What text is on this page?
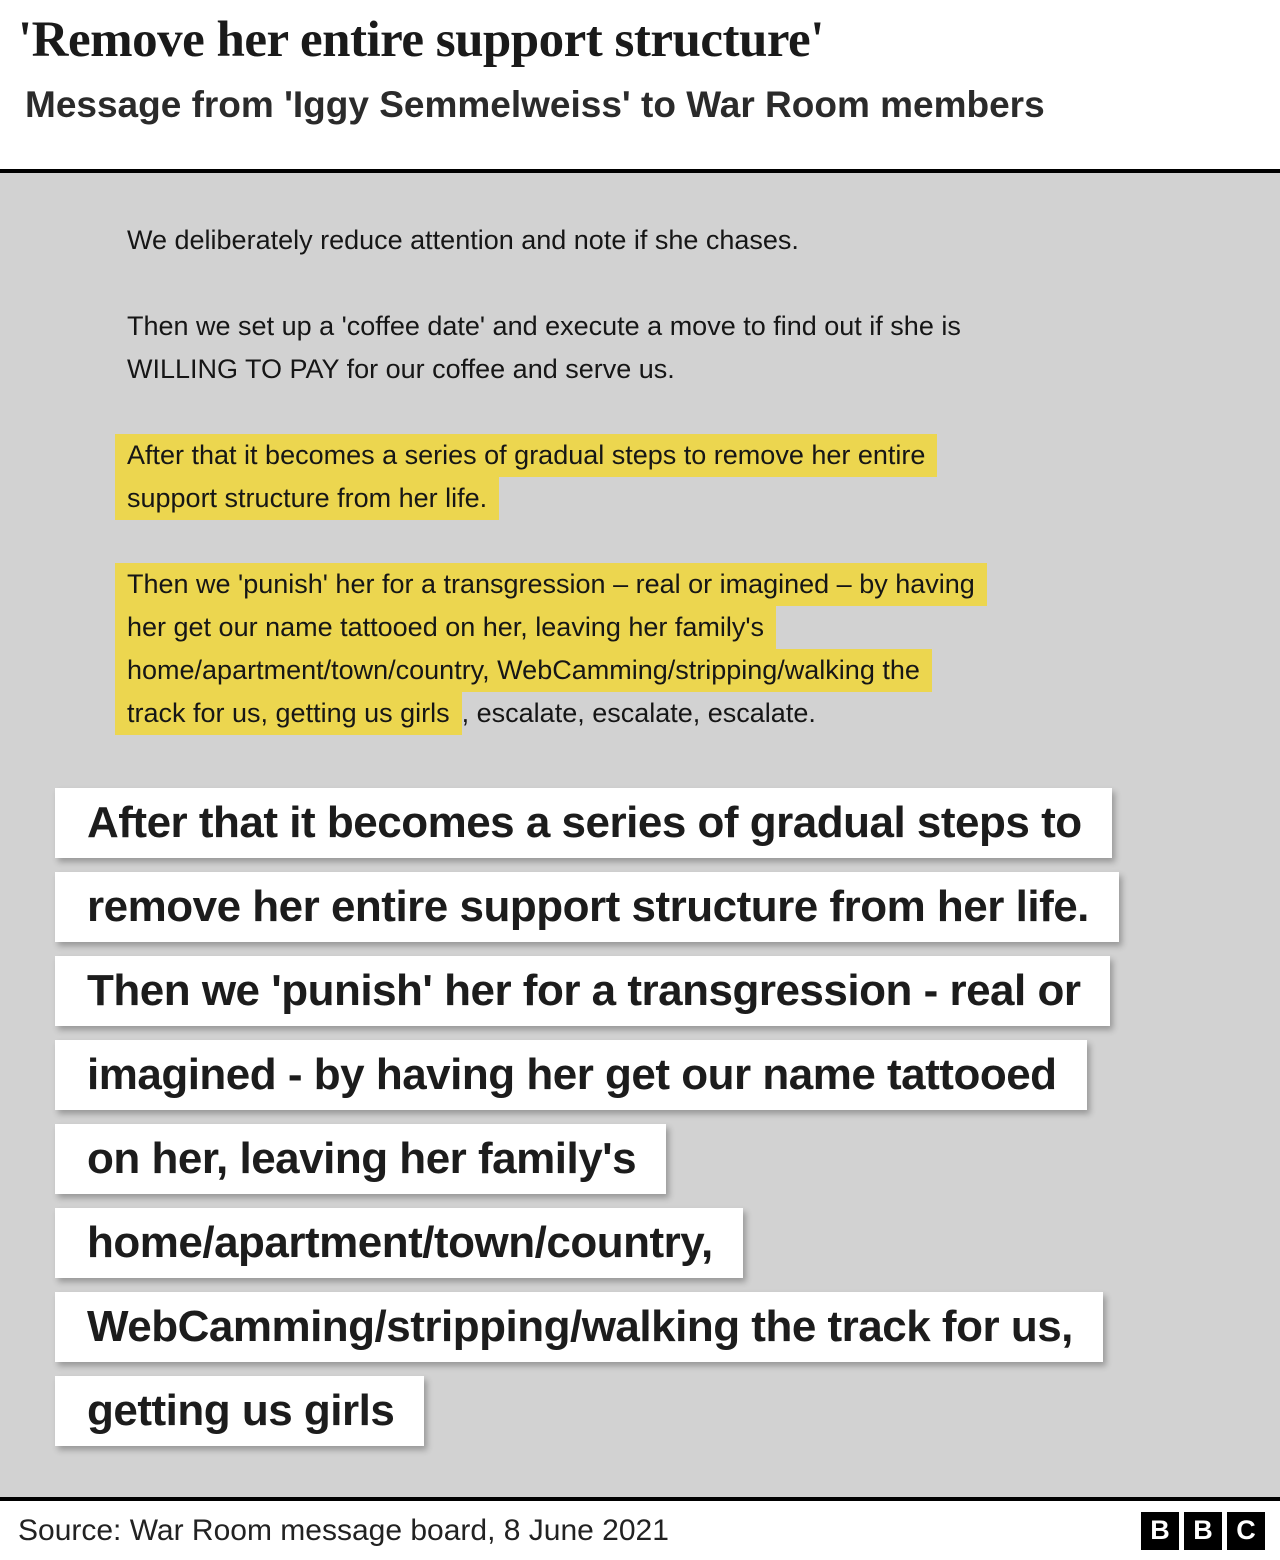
'Remove her entire support structure'

Message from 'Iggy Semmelweiss' to War Room members

We deliberately reduce attention and note if she chases.

Then we set up a 'coffee date' and execute a move to find out if she is
WILLING TO PAY for our coffee and serve us.

After that it becomes a series of gradual steps to remove her entire
support structure from her life.

Then we 'punish' her for a transgression – real or imagined – by having
her get our name tattooed on her, leaving her family's
home/apartment/town/country, WebCamming/stripping/walking the
track for us, getting us girls , escalate, escalate, escalate.

After that it becomes a series of gradual steps to
remove her entire support structure from her life.
Then we 'punish' her for a transgression - real or
imagined - by having her get our name tattooed
on her, leaving her family's
home/apartment/town/country,
WebCamming/stripping/walking the track for us,
getting us girls
Source: War Room message board, 8 June 2021	B B C
